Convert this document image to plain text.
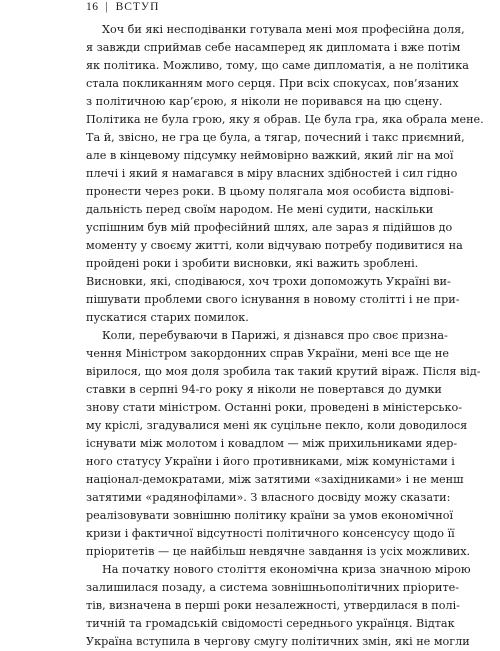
16 | ВСТУП
Хоч би які несподіванки готувала мені моя професійна доля,
я завжди сприймав себе насамперед як дипломата і вже потім
як політика. Можливо, тому, що саме дипломатія, а не політика
стала покликанням мого серця. При всіх спокусах, пов’язаних
з політичною кар’єрою, я ніколи не поривався на цю сцену.
Політика не була грою, яку я обрав. Це була гра, яка обрала мене.
Та й, звісно, не гра це була, а тягар, почесний і такс приємний,
але в кінцевому підсумку неймовірно важкий, який ліг на мої
плечі і який я намагався в міру власних здібностей і сил гідно
пронести через роки. В цьому полягала моя особиста відпові-
дальність перед своїм народом. Не мені судити, наскільки
успішним був мій професійний шлях, але зараз я підійшов до
моменту у своєму житті, коли відчуваю потребу подивитися на
пройдені роки і зробити висновки, які важить зроблені.
Висновки, які, сподіваюся, хоч трохи допоможуть Україні ви-
пішувати проблеми свого існування в новому столітті і не при-
пускатися старих помилок.
Коли, перебуваючи в Парижі, я дізнався про своє призна-
чення Міністром закордонних справ України, мені все ще не
вірилося, що моя доля зробила так такий крутий віраж. Після від-
ставки в серпні 94-го року я ніколи не повертався до думки
знову стати міністром. Останні роки, проведені в міністерсько-
му кріслі, згадувалися мені як суцільне пекло, коли доводилося
існувати між молотом і ковадлом — між прихильниками ядер-
ного статусу України і його противниками, між комуністами і
націонал-демократами, між затятими «західниками» і не менш
затятими «радянофілами». З власного досвіду можу сказати:
реалізовувати зовнішню політику країни за умов економічної
кризи і фактичної відсутності політичного консенсусу щодо її
пріоритетів — це найбільш невдячне завдання із усіх можливих.
На початку нового століття економічна криза значною мірою
залишилася позаду, а система зовнішньополітичних пріорите-
тів, визначена в перші роки незалежності, утвердилася в полі-
тичній та громадській свідомості середнього українця. Відтак
Україна вступила в чергову смугу політичних змін, які не могли
